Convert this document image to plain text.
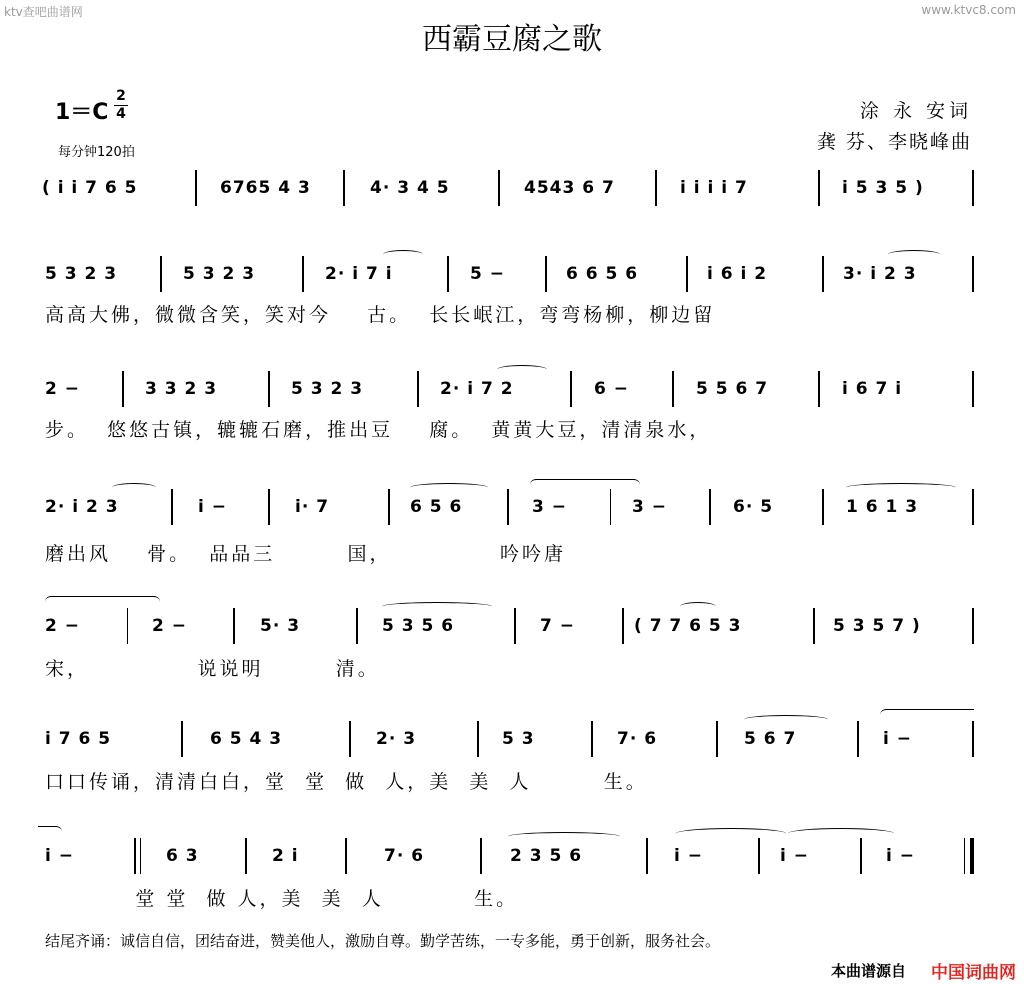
ktv查吧曲谱网	www.ktvc8.com
西霸豆腐之歌
1＝C
2
4
每分钟120拍
涂 永 安词
龚 芬、李晓峰曲
( i i 7 6 5	6765 4 3	4· 3 4 5	4543 6 7	i i i i 7	i 5 3 5 )
5 3 2 3	5 3 2 3	2· i 7 i	5 −	6 6 5 6	i 6 i 2	3· i 2 3
高高大佛，微微含笑，笑对今    古。  长长岷江，弯弯杨柳，柳边留
2 −	3 3 2 3	5 3 2 3	2· i 7 2	6 −	5 5 6 7	i 6 7 i
步。  悠悠古镇，辘辘石磨，推出豆    腐。  黄黄大豆，清清泉水，
2· i 2 3	i −	i· 7	6 5 6	3 −	3 −	6· 5	1 6 1 3
磨出风    骨。  品品三        国，            吟吟唐
2 −	2 −	5· 3	5 3 5 6	7 −	( 7 7 6 5 3	5 3 5 7 )
宋，            说说明        清。
i 7 6 5	6 5 4 3	2· 3	5 3	7· 6	5 6 7	i −
口口传诵，清清白白，堂  堂  做  人，美  美  人        生。
i −	6 3	2 i	7· 6	2 3 5 6	i −	i −	i −
堂 堂  做 人，美  美  人          生。
结尾齐诵：诚信自信，团结奋进，赞美他人，激励自尊。勤学苦练，一专多能，勇于创新，服务社会。
本曲谱源自 中国词曲网
